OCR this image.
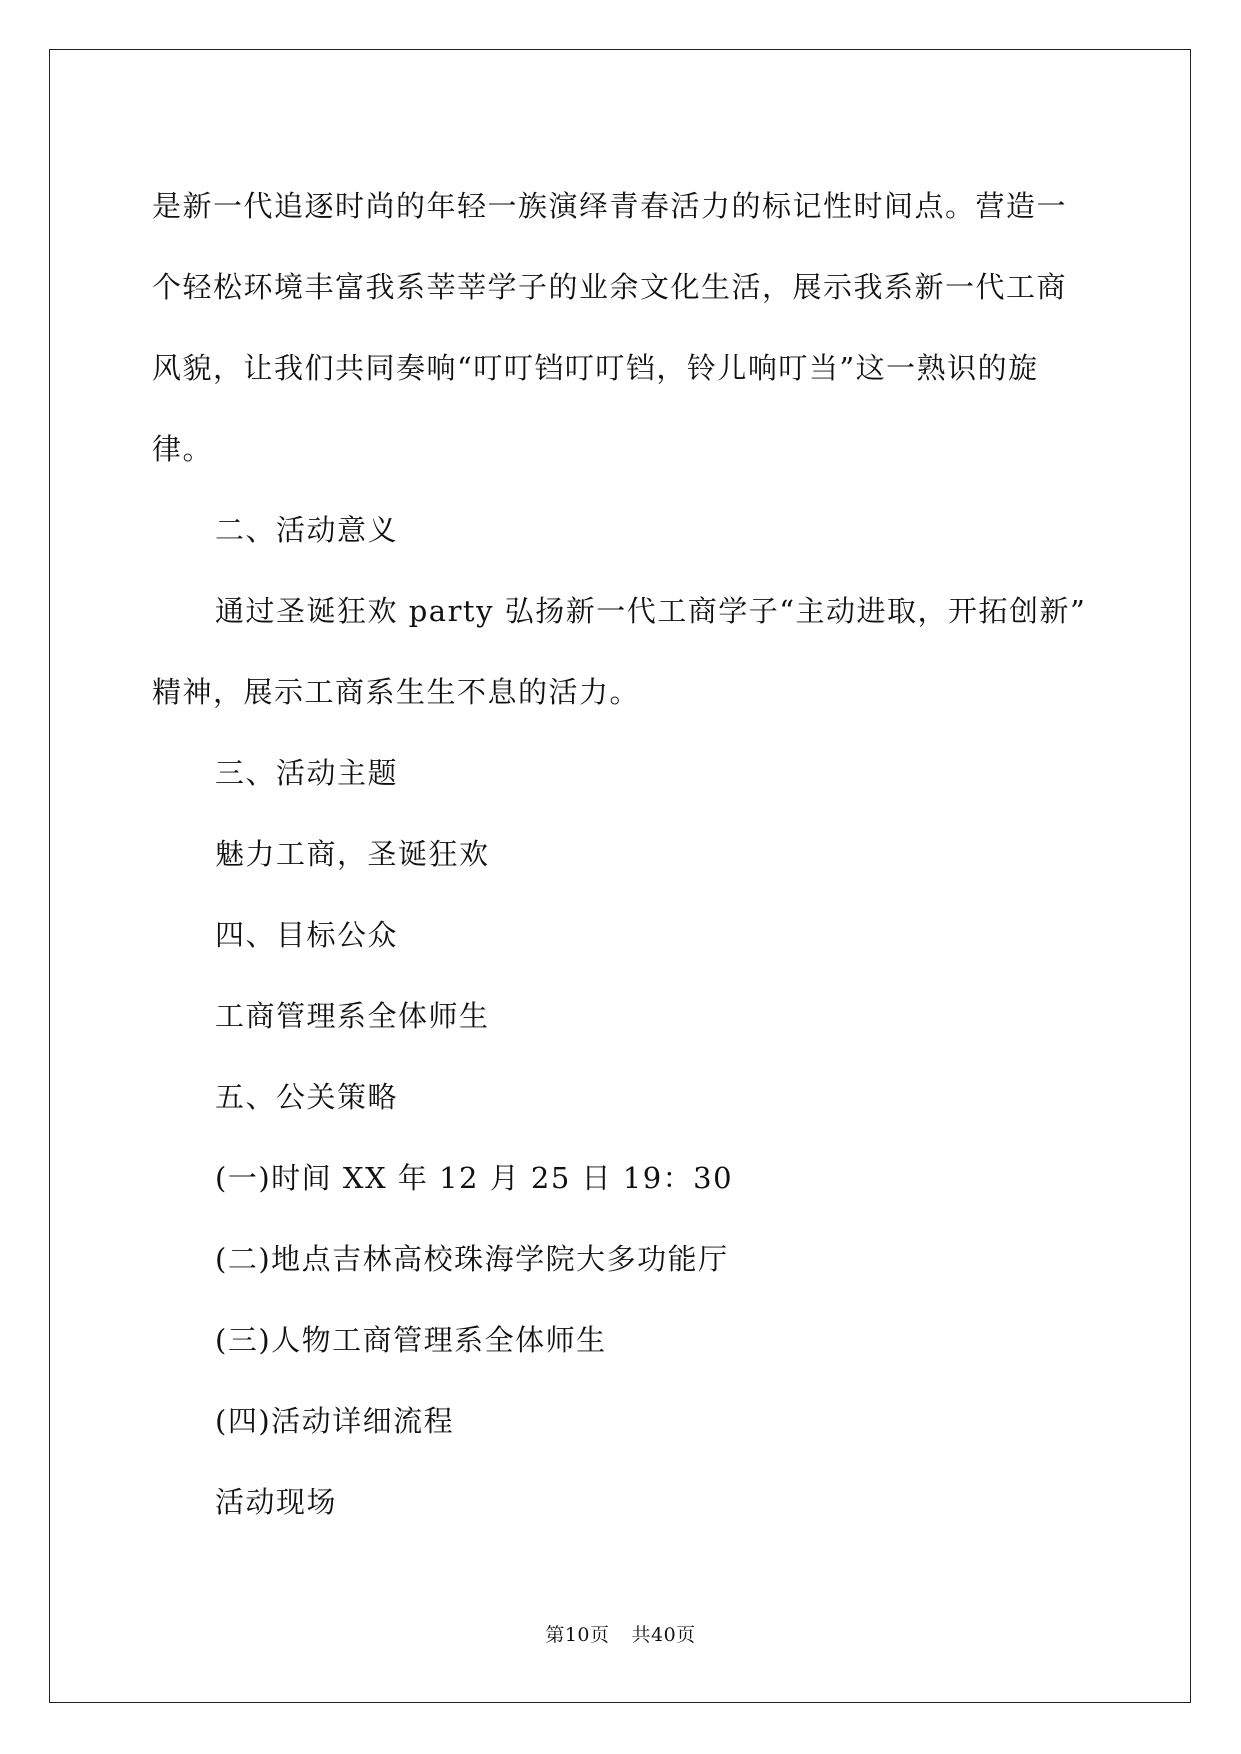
是新一代追逐时尚的年轻一族演绎青春活力的标记性时间点。营造一

个轻松环境丰富我系莘莘学子的业余文化生活，展示我系新一代工商

风貌，让我们共同奏响“叮叮铛叮叮铛，铃儿响叮当”这一熟识的旋

律。

二、活动意义

通过圣诞狂欢 party 弘扬新一代工商学子“主动进取，开拓创新”

精神，展示工商系生生不息的活力。

三、活动主题

魅力工商，圣诞狂欢

四、目标公众

工商管理系全体师生

五、公关策略

(一)时间 XX 年 12 月 25 日 19：30

(二)地点吉林高校珠海学院大多功能厅

(三)人物工商管理系全体师生

(四)活动详细流程

活动现场

第10页 共40页
